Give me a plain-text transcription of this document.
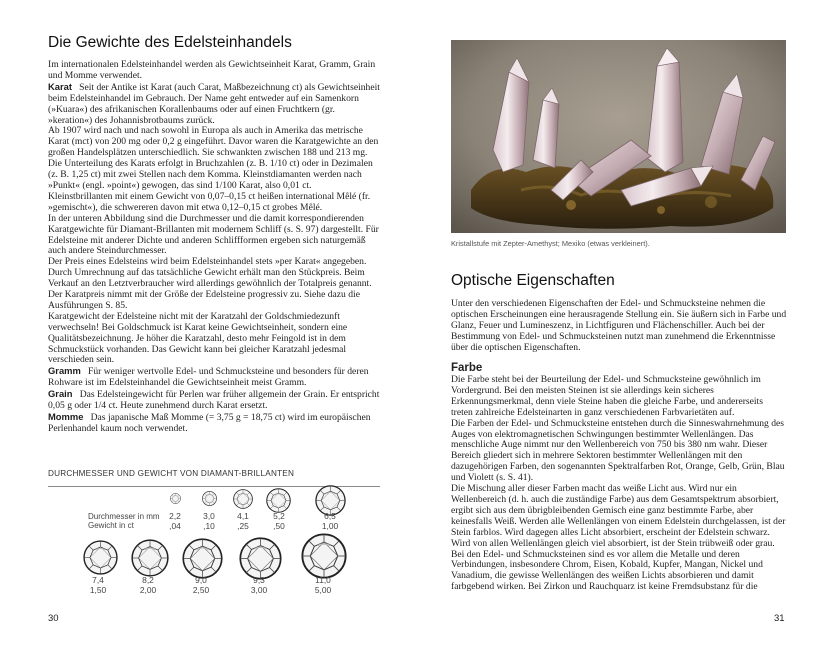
Die Gewichte des Edelsteinhandels

Im internationalen Edelsteinhandel werden als Gewichtseinheit Karat, Gramm, Grain und Momme verwendet.

Karat Seit der Antike ist Karat (auch Carat, Maßbezeichnung ct) als Gewichtseinheit beim Edelsteinhandel im Gebrauch. Der Name geht entweder auf ein Samenkorn (»Kuara«) des afrikanischen Korallenbaums oder auf einen Fruchtkern (gr. »keration«) des Johannisbrotbaums zurück.

Ab 1907 wird nach und nach sowohl in Europa als auch in Amerika das metrische Karat (mct) von 200 mg oder 0,2 g eingeführt. Davor waren die Karatgewichte an den großen Handelsplätzen unterschiedlich. Sie schwankten zwischen 188 und 213 mg.

Die Unterteilung des Karats erfolgt in Bruchzahlen (z. B. 1/10 ct) oder in Dezimalen (z. B. 1,25 ct) mit zwei Stellen nach dem Komma. Kleinstdiamanten werden nach »Punkt« (engl. »point«) gewogen, das sind 1/100 Karat, also 0,01 ct.

Kleinstbrillanten mit einem Gewicht von 0,07–0,15 ct heißen international Mêlé (fr. »gemischt«), die schwereren davon mit etwa 0,12–0,15 ct grobes Mêlé.

In der unteren Abbildung sind die Durchmesser und die damit korrespondierenden Karatgewichte für Diamant-Brillanten mit modernem Schliff (s. S. 97) dargestellt. Für Edelsteine mit anderer Dichte und anderen Schliffformen ergeben sich naturgemäß auch andere Steindurchmesser.

Der Preis eines Edelsteins wird beim Edelsteinhandel stets »per Karat« angegeben. Durch Umrechnung auf das tatsächliche Gewicht erhält man den Stückpreis. Beim Verkauf an den Letztverbraucher wird allerdings gewöhnlich der Totalpreis genannt.

Der Karatpreis nimmt mit der Größe der Edelsteine progressiv zu. Siehe dazu die Ausführungen S. 85.

Karatgewicht der Edelsteine nicht mit der Karatzahl der Goldschmiedezunft verwechseln! Bei Goldschmuck ist Karat keine Gewichtseinheit, sondern eine Qualitätsbezeichnung. Je höher die Karatzahl, desto mehr Feingold ist in dem Schmuckstück vorhanden. Das Gewicht kann bei gleicher Karatzahl jedesmal verschieden sein.

Gramm Für weniger wertvolle Edel- und Schmucksteine und besonders für deren Rohware ist im Edelsteinhandel die Gewichtseinheit meist Gramm.

Grain Das Edelsteingewicht für Perlen war früher allgemein der Grain. Er entspricht 0,05 g oder 1/4 ct. Heute zunehmend durch Karat ersetzt.

Momme Das japanische Maß Momme (= 3,75 g = 18,75 ct) wird im europäischen Perlenhandel kaum noch verwendet.

DURCHMESSER UND GEWICHT VON DIAMANT-BRILLANTEN
Durchmesser in mm
Gewicht in ct
2,2
,04
3,0
,10
4,1
,25
5,2
,50
6,5
1,00
7,4
1,50
8,2
2,00
9,0
2,50
9,3
3,00
11,0
5,00
30
Kristallstufe mit Zepter-Amethyst; Mexiko (etwas verkleinert).
Optische Eigenschaften
Unter den verschiedenen Eigenschaften der Edel- und Schmucksteine nehmen die optischen Erscheinungen eine herausragende Stellung ein. Sie äußern sich in Farbe und Glanz, Feuer und Lumineszenz, in Lichtfiguren und Flächenschiller. Auch bei der Bestimmung von Edel- und Schmucksteinen nutzt man zunehmend die Erkenntnisse über die optischen Eigenschaften.
Farbe

Die Farbe steht bei der Beurteilung der Edel- und Schmucksteine gewöhnlich im Vordergrund. Bei den meisten Steinen ist sie allerdings kein sicheres Erkennungsmerkmal, denn viele Steine haben die gleiche Farbe, und andererseits treten zahlreiche Edelsteinarten in ganz verschiedenen Farbvarietäten auf.

Die Farben der Edel- und Schmucksteine entstehen durch die Sinneswahrnehmung des Auges von elektromagnetischen Schwingungen bestimmter Wellenlängen. Das menschliche Auge nimmt nur den Wellenbereich von 750 bis 380 nm wahr. Dieser Bereich gliedert sich in mehrere Sektoren bestimmter Wellenlängen mit den dazugehörigen Farben, den sogenannten Spektralfarben Rot, Orange, Gelb, Grün, Blau und Violett (s. S. 41).

Die Mischung aller dieser Farben macht das weiße Licht aus. Wird nur ein Wellenbereich (d. h. auch die zuständige Farbe) aus dem Gesamtspektrum absorbiert, ergibt sich aus dem übrigbleibenden Gemisch eine ganz bestimmte Farbe, aber keinesfalls Weiß. Werden alle Wellenlängen von einem Edelstein durchgelassen, ist der Stein farblos. Wird dagegen alles Licht absorbiert, erscheint der Edelstein schwarz. Wird von allen Wellenlängen gleich viel absorbiert, ist der Stein trübweiß oder grau.

Bei den Edel- und Schmucksteinen sind es vor allem die Metalle und deren Verbindungen, insbesondere Chrom, Eisen, Kobald, Kupfer, Mangan, Nickel und Vanadium, die gewisse Wellenlängen des weißen Lichts absorbieren und damit farbgebend wirken. Bei Zirkon und Rauchquarz ist keine Fremdsubstanz für die

31
